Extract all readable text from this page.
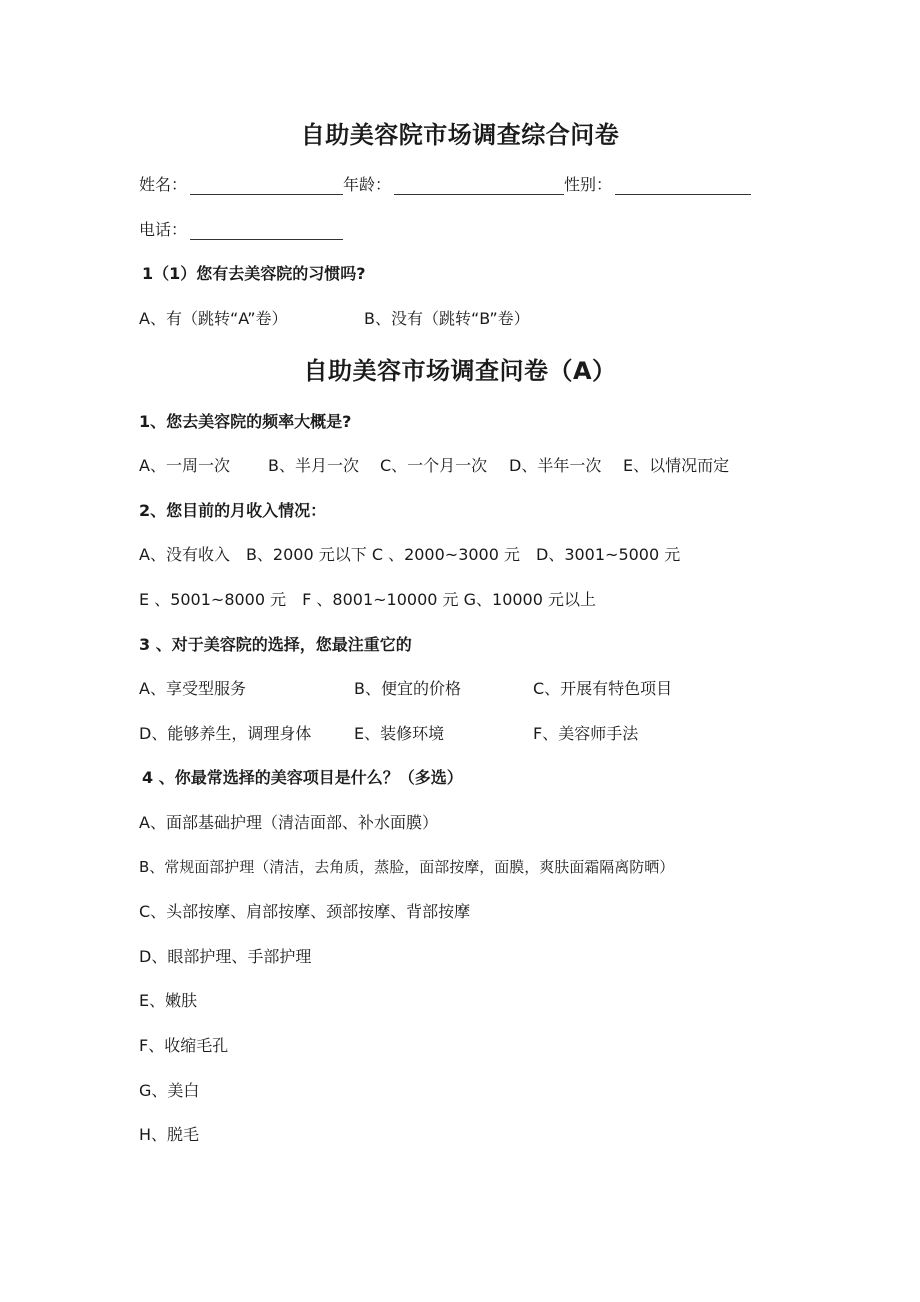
自助美容院市场调查综合问卷
姓名：	年龄：	性别：
电话：
1（1）您有去美容院的习惯吗?
A、有（跳转“A”卷）	B、没有（跳转“B”卷）
自助美容市场调查问卷（A）
1、您去美容院的频率大概是?
A、一周一次 B、半月一次 C、一个月一次 D、半年一次 E、以情况而定
2、您目前的月收入情况：
A、没有收入　B、2000 元以下 C 、2000~3000 元　D、3001~5000 元
E 、5001~8000 元　F 、8001~10000 元 G、10000 元以上
3 、对于美容院的选择，您最注重它的
A、享受型服务	B、便宜的价格	C、开展有特色项目
D、能够养生，调理身体	E、装修环境	F、美容师手法
4 、你最常选择的美容项目是什么？（多选）
A、面部基础护理（清洁面部、补水面膜）
B、常规面部护理（清洁，去角质，蒸脸，面部按摩，面膜，爽肤面霜隔离防晒）
C、头部按摩、肩部按摩、颈部按摩、背部按摩
D、眼部护理、手部护理
E、嫩肤
F、收缩毛孔
G、美白
H、脱毛
